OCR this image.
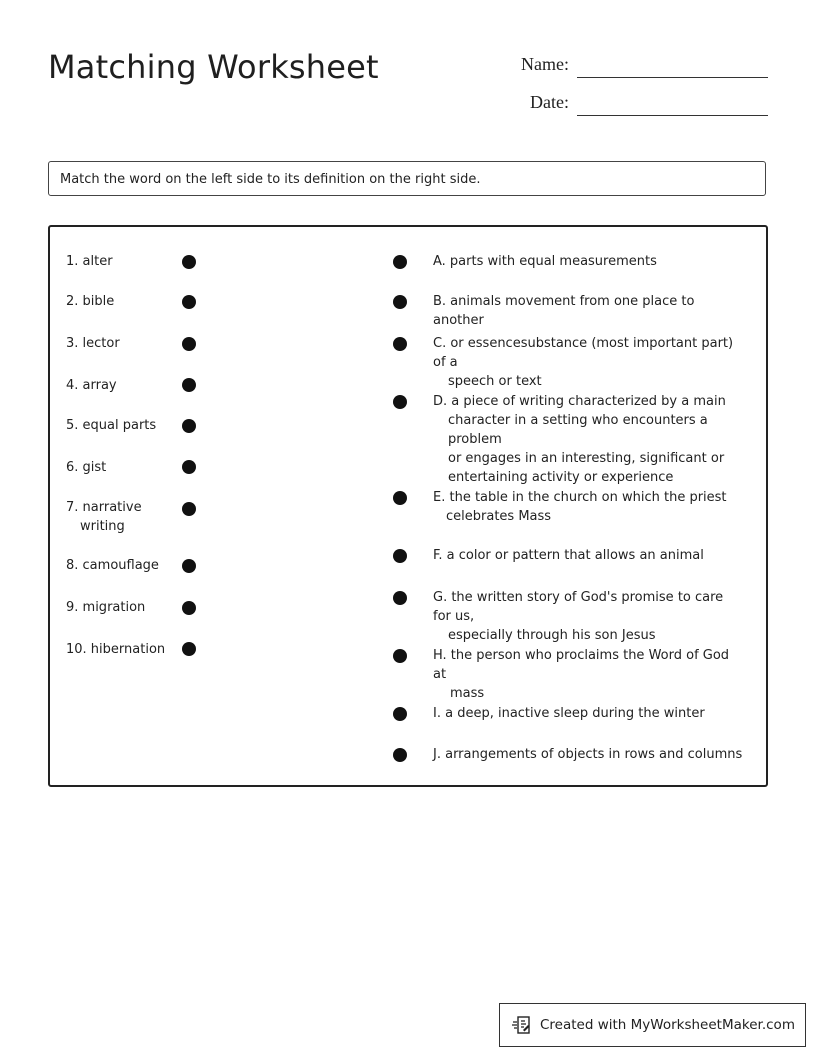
Matching Worksheet	Name:
Date:
Match the word on the left side to its definition on the right side.
1. alter
2. bible
3. lector
4. array
5. equal parts
6. gist
7. narrative
writing
8. camouflage
9. migration
10. hibernation
A. parts with equal measurements
B. animals movement from one place to another
C. or essencesubstance (most important part) of a
speech or text
D. a piece of writing characterized by a main
character in a setting who encounters a problem
or engages in an interesting, significant or
entertaining activity or experience
E. the table in the church on which the priest
celebrates Mass
F. a color or pattern that allows an animal
G. the written story of God's promise to care for us,
especially through his son Jesus
H. the person who proclaims the Word of God at
mass
I. a deep, inactive sleep during the winter
J. arrangements of objects in rows and columns
Created with MyWorksheetMaker.com
